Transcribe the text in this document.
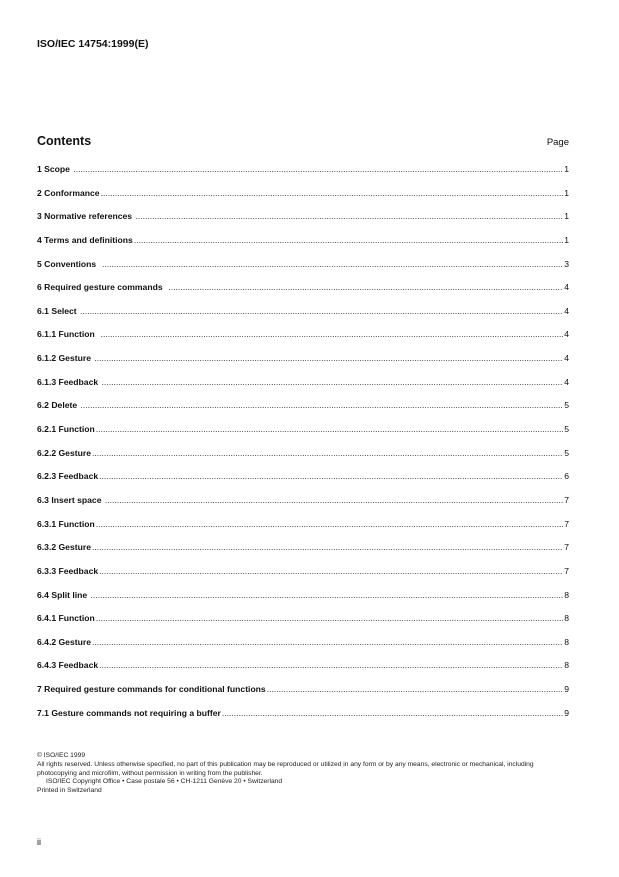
ISO/IEC 14754:1999(E)
Contents	Page
1 Scope .....	1
2 Conformance .....	1
3 Normative references .....	1
4 Terms and definitions .....	1
5 Conventions .....	3
6 Required gesture commands .....	4
6.1 Select .....	4
6.1.1 Function .....	4
6.1.2 Gesture .....	4
6.1.3 Feedback .....	4
6.2 Delete .....	5
6.2.1 Function .....	5
6.2.2 Gesture .....	5
6.2.3 Feedback .....	6
6.3 Insert space .....	7
6.3.1 Function .....	7
6.3.2 Gesture .....	7
6.3.3 Feedback .....	7
6.4 Split line .....	8
6.4.1 Function .....	8
6.4.2 Gesture .....	8
6.4.3 Feedback .....	8
7 Required gesture commands for conditional functions .....	9
7.1 Gesture commands not requiring a buffer .....	9
© ISO/IEC 1999
All rights reserved. Unless otherwise specified, no part of this publication may be reproduced or utilized in any form or by any means, electronic or mechanical, including photocopying and microfilm, without permission in writing from the publisher.
ISO/IEC Copyright Office • Case postale 56 • CH-1211 Genève 20 • Switzerland
Printed in Switzerland
ii
